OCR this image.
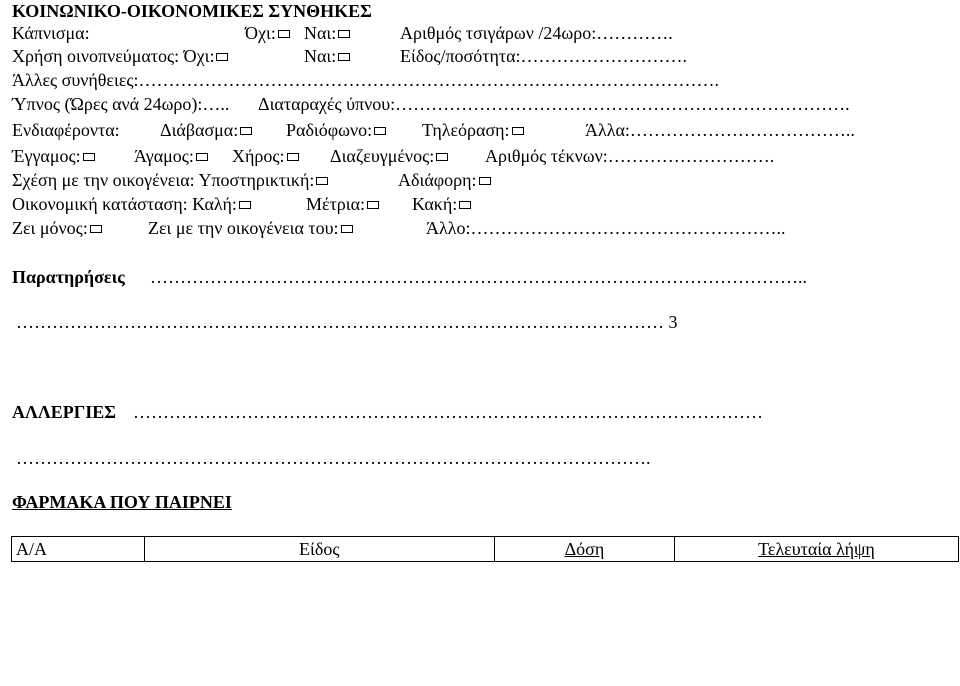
ΚΟΙΝΩΝΙΚΟ-ΟΙΚΟΝΟΜΙΚΕΣ ΣΥΝΘΗΚΕΣ
Κάπνισμα:	Όχι:	Ναι:	Αριθμός τσιγάρων /24ωρο:………….
Χρήση οινοπνεύματος: Όχι:	Ναι:	Είδος/ποσότητα:……………………….
Άλλες συνήθειες:…………………………………………………………………………………….
Ύπνος (Ώρες ανά 24ωρο):….. Διαταραχές ύπνου:………………………………………………………………….
Ενδιαφέροντα: Διάβασμα:	Ραδιόφωνο:	Τηλεόραση:	Άλλα:………………………………..
Έγγαμος:	Άγαμος:	Χήρος:	Διαζευγμένος:	Αριθμός τέκνων:……………………….
Σχέση με την οικογένεια: Υποστηρικτική:	Αδιάφορη:
Οικονομική κατάσταση: Καλή:	Μέτρια:	Κακή:
Ζει μόνος:	Ζει με την οικογένεια του:	Άλλο:……………………………………………..
Παρατηρήσεις ………………………………………………………………………………………………..
……………………………………………………………………………………………… 3
ΑΛΛΕΡΓΙΕΣ ……………………………………………………………………………………………
…………………………………………………………………………………………….
ΦΑΡΜΑΚΑ ΠΟΥ ΠΑΙΡΝΕΙ
Α/Α	Είδος	Δόση	Τελευταία λήψη
